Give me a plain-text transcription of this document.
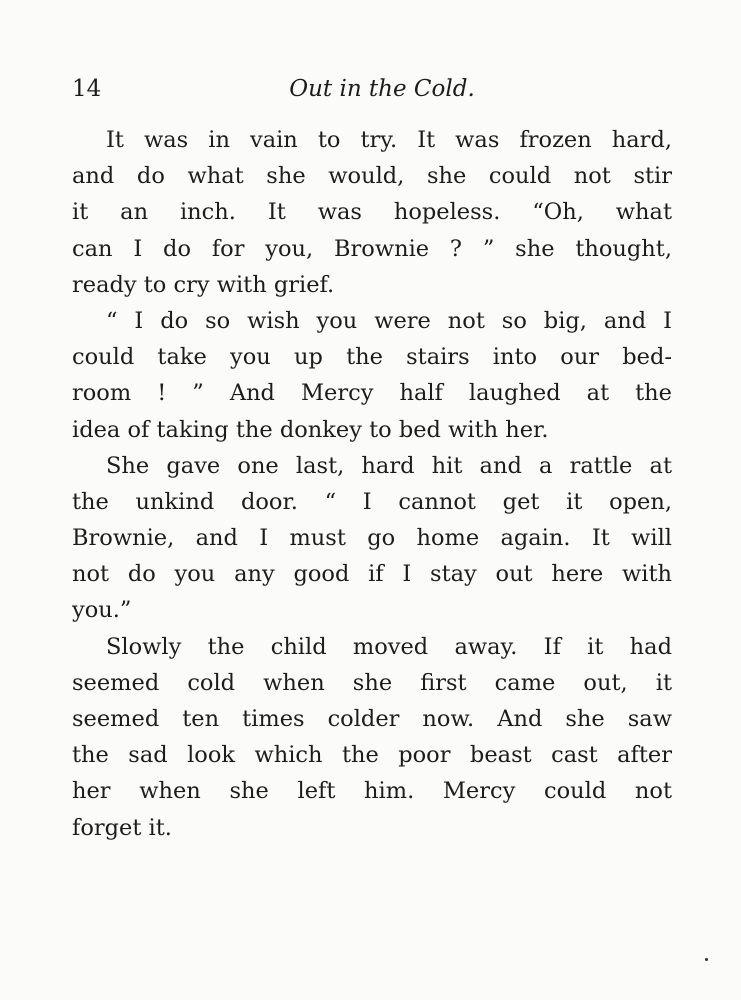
14	Out in the Cold.
It was in vain to try. It was frozen hard,
and do what she would, she could not stir
it an inch. It was hopeless. “Oh, what
can I do for you, Brownie ? ” she thought,
ready to cry with grief.
“ I do so wish you were not so big, and I
could take you up the stairs into our bed-
room ! ” And Mercy half laughed at the
idea of taking the donkey to bed with her.
She gave one last, hard hit and a rattle at
the unkind door. “ I cannot get it open,
Brownie, and I must go home again. It will
not do you any good if I stay out here with
you.”
Slowly the child moved away. If it had
seemed cold when she first came out, it
seemed ten times colder now. And she saw
the sad look which the poor beast cast after
her when she left him. Mercy could not
forget it.
